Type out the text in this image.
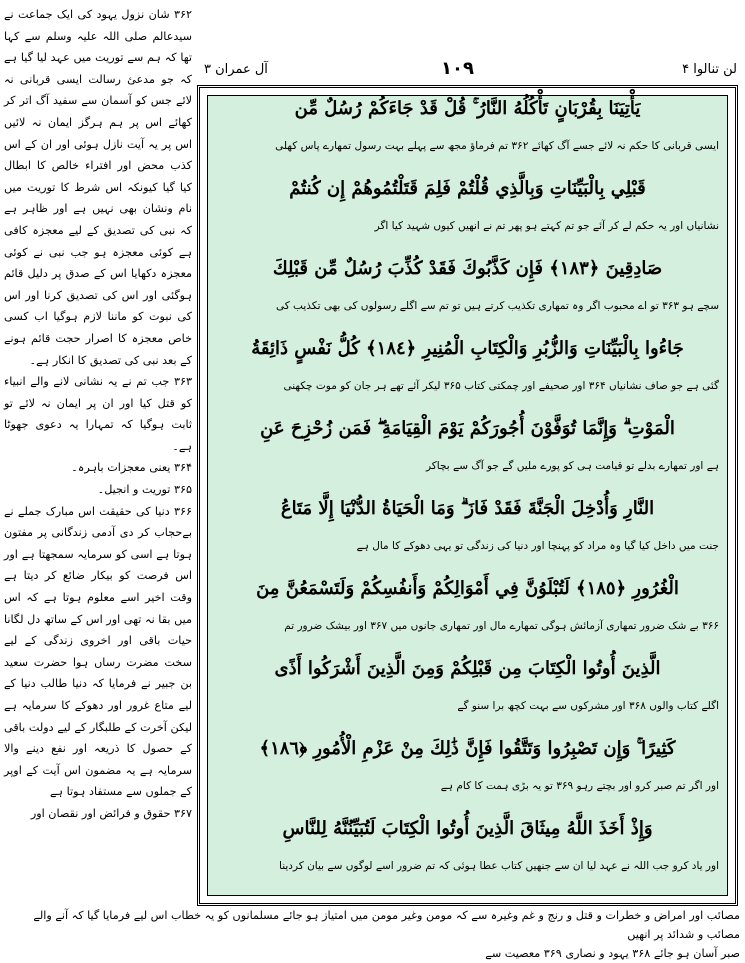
۳۶۲ شان نزول یہود کی ایک جماعت نے سیدعالم صلی اللہ علیہ وسلم سے کہا تھا کہ ہم سے توریت میں عہد لیا گیا ہے کہ جو مدعیٔ رسالت ایسی قربانی نہ لائے جس کو آسمان سے سفید آگ اتر کر کھائے اس پر ہم ہرگز ایمان نہ لائیں اس پر یہ آیت نازل ہوئی اور ان کے اس کذب محض اور افتراء خالص کا ابطال کیا گیا کیونکہ اس شرط کا توریت میں نام ونشان بھی نہیں ہے اور ظاہر ہے کہ نبی کی تصدیق کے لیے معجزہ کافی ہے کوئی معجزہ ہو جب نبی نے کوئی معجزہ دکھایا اس کے صدق پر دلیل قائم ہوگئی اور اس کی تصدیق کرنا اور اس کی نبوت کو ماننا لازم ہوگیا اب کسی خاص معجزہ کا اصرار حجت قائم ہونے کے بعد نبی کی تصدیق کا انکار ہے۔

۳۶۳ جب تم نے یہ نشانی لانے والے انبیاء کو قتل کیا اور ان پر ایمان نہ لائے تو ثابت ہوگیا کہ تمہارا یہ دعوی جھوٹا ہے۔

۳۶۴ یعنی معجزات باہرہ۔

۳۶۵ توریت و انجیل۔

۳۶۶ دنیا کی حقیقت اس مبارک جملے نے بےحجاب کر دی آدمی زندگانی پر مفتون ہوتا ہے اسی کو سرمایہ سمجھتا ہے اور اس فرصت کو بیکار ضائع کر دیتا ہے وقت اخیر اسے معلوم ہوتا ہے کہ اس میں بقا نہ تھی اور اس کے ساتھ دل لگانا حیات باقی اور اخروی زندگی کے لیے سخت مضرت رساں ہوا حضرت سعید بن جبیر نے فرمایا کہ دنیا طالب دنیا کے لیے متاع غرور اور دھوکے کا سرمایہ ہے لیکن آخرت کے طلبگار کے لیے دولت باقی کے حصول کا ذریعہ اور نفع دینے والا سرمایہ ہے یہ مضمون اس آیت کے اوپر کے جملوں سے مستفاد ہوتا ہے

۳۶۷ حقوق و فرائض اور نقصان اور

آل عمران ۳	۱۰۹	لن تنالوا ۴
يَأْتِيَنَا بِقُرْبَانٍ تَأْكُلُهُ النَّارُ ۚ قُلْ قَدْ جَاءَكُمْ رُسُلٌ مِّن
ایسی قربانی کا حکم نہ لائے جسے آگ کھائے ۳۶۲ تم فرماؤ مجھ سے پہلے بہت رسول تمھارے پاس کھلی
قَبْلِي بِالْبَيِّنَاتِ وَبِالَّذِي قُلْتُمْ فَلِمَ قَتَلْتُمُوهُمْ إِن كُنتُمْ
نشانیاں اور یہ حکم لے کر آئے جو تم کہتے ہو پھر تم نے انھیں کیوں شہید کیا اگر
صَادِقِينَ ﴿١٨٣﴾ فَإِن كَذَّبُوكَ فَقَدْ كُذِّبَ رُسُلٌ مِّن قَبْلِكَ
سچے ہو ۳۶۳ تو اے محبوب اگر وہ تمھاری تکذیب کرتے ہیں تو تم سے اگلے رسولوں کی بھی تکذیب کی
جَاءُوا بِالْبَيِّنَاتِ وَالزُّبُرِ وَالْكِتَابِ الْمُنِيرِ ﴿١٨٤﴾ كُلُّ نَفْسٍ ذَائِقَةُ
گئی ہے جو صاف نشانیاں ۳۶۴ اور صحیفے اور چمکتی کتاب ۳۶۵ لیکر آئے تھے ہر جان کو موت چکھنی
الْمَوْتِ ۗ وَإِنَّمَا تُوَفَّوْنَ أُجُورَكُمْ يَوْمَ الْقِيَامَةِ ۖ فَمَن زُحْزِحَ عَنِ
ہے اور تمھارے بدلے تو قیامت ہی کو پورے ملیں گے جو آگ سے بچاکر
النَّارِ وَأُدْخِلَ الْجَنَّةَ فَقَدْ فَازَ ۗ وَمَا الْحَيَاةُ الدُّنْيَا إِلَّا مَتَاعُ
جنت میں داخل کیا گیا وہ مراد کو پہنچا اور دنیا کی زندگی تو یہی دھوکے کا مال ہے
الْغُرُورِ ﴿١٨٥﴾ لَتُبْلَوُنَّ فِي أَمْوَالِكُمْ وَأَنفُسِكُمْ وَلَتَسْمَعُنَّ مِنَ
۳۶۶ بے شک ضرور تمھاری آزمائش ہوگی تمھارے مال اور تمھاری جانوں میں ۳۶۷ اور بیشک ضرور تم
الَّذِينَ أُوتُوا الْكِتَابَ مِن قَبْلِكُمْ وَمِنَ الَّذِينَ أَشْرَكُوا أَذًى
اگلے کتاب والوں ۳۶۸ اور مشرکوں سے بہت کچھ برا سنو گے
كَثِيرًا ۚ وَإِن تَصْبِرُوا وَتَتَّقُوا فَإِنَّ ذَٰلِكَ مِنْ عَزْمِ الْأُمُورِ ﴿١٨٦﴾
اور اگر تم صبر کرو اور بچتے رہو ۳۶۹ تو یہ بڑی ہمت کا کام ہے
وَإِذْ أَخَذَ اللَّهُ مِيثَاقَ الَّذِينَ أُوتُوا الْكِتَابَ لَتُبَيِّنُنَّهُ لِلنَّاسِ
اور یاد کرو جب اللہ نے عہد لیا ان سے جنھیں کتاب عطا ہوئی کہ تم ضرور اسے لوگوں سے بیان کردینا

مصائب اور امراض و خطرات و قتل و رنج و غم وغیرہ سے کہ مومن وغیر مومن میں امتیاز ہو جائے مسلمانوں کو یہ خطاب اس لیے فرمایا گیا کہ آنے والے مصائب و شدائد پر انھیں

صبر آسان ہو جائے ۳۶۸ یہود و نصاری ۳۶۹ معصیت سے
